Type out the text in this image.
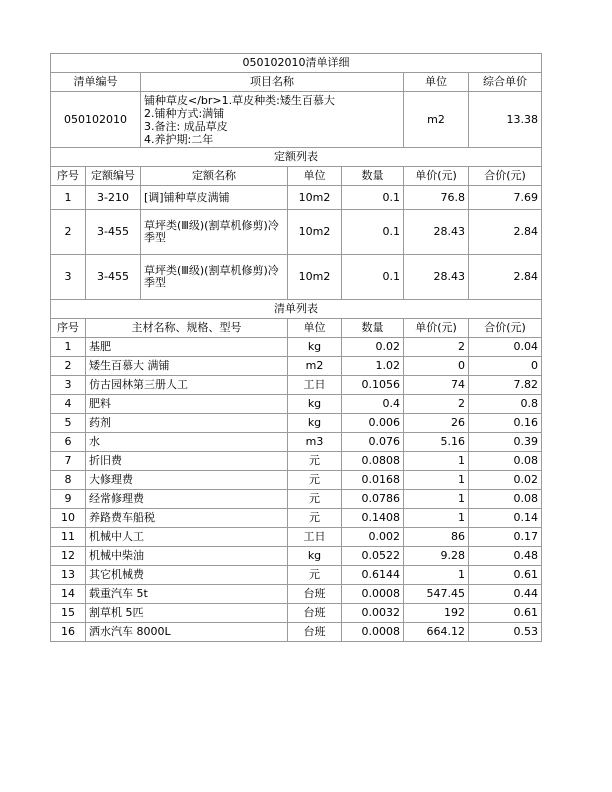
050102010清单详细						
清单编号		项目名称			单位	综合单价
050102010		铺种草皮</br>1.草皮种类:矮生百慕大
2.铺种方式:满铺
3.备注: 成品草皮
4.养护期:二年			m2	13.38
定额列表						
序号	定额编号	定额名称	单位	数量	单价(元)	合价(元)
1	3-210	[调]铺种草皮满铺	10m2	0.1	76.8	7.69
2	3-455	草坪类(Ⅲ级)(割草机修剪)冷季型	10m2	0.1	28.43	2.84
3	3-455	草坪类(Ⅲ级)(割草机修剪)冷季型	10m2	0.1	28.43	2.84
清单列表						
序号	主材名称、规格、型号		单位	数量	单价(元)	合价(元)
1	基肥		kg	0.02	2	0.04
2	矮生百慕大 满铺		m2	1.02	0	0
3	仿古园林第三册人工		工日	0.1056	74	7.82
4	肥料		kg	0.4	2	0.8
5	药剂		kg	0.006	26	0.16
6	水		m3	0.076	5.16	0.39
7	折旧费		元	0.0808	1	0.08
8	大修理费		元	0.0168	1	0.02
9	经常修理费		元	0.0786	1	0.08
10	养路费车船税		元	0.1408	1	0.14
11	机械中人工		工日	0.002	86	0.17
12	机械中柴油		kg	0.0522	9.28	0.48
13	其它机械费		元	0.6144	1	0.61
14	载重汽车 5t		台班	0.0008	547.45	0.44
15	割草机 5匹		台班	0.0032	192	0.61
16	洒水汽车 8000L		台班	0.0008	664.12	0.53
